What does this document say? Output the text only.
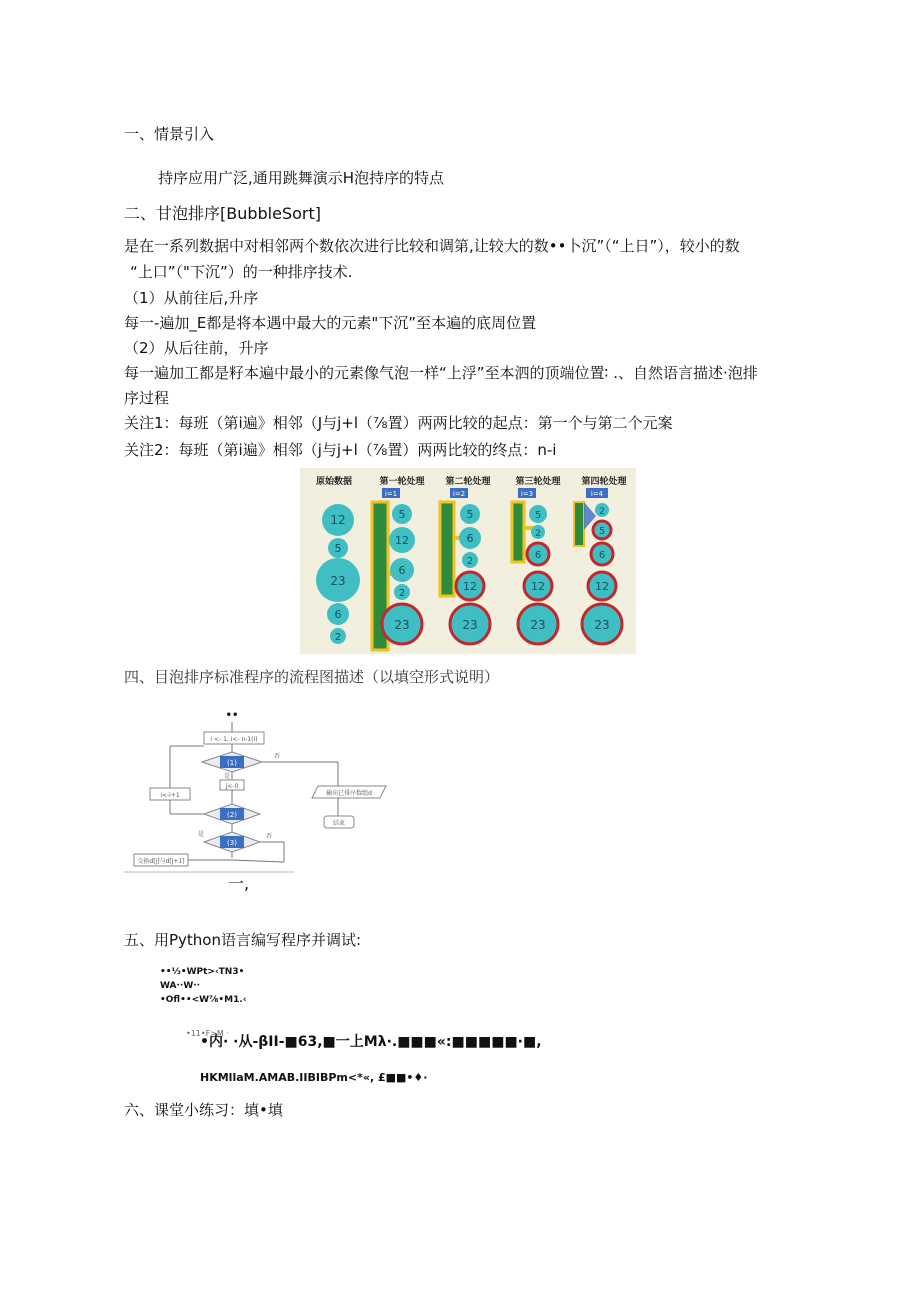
一、情景引入
持序应用广泛,通用跳舞演示H泡持序的特点
二、甘泡排序[BubbleSort]
是在一系列数据中对相邻两个数依次进行比较和调第,让较大的数••卜沉”（“上日”），较小的数
“上口”（"下沉”）的一种排序技术.
（1）从前往后,升序
每一-遍加_E都是将本遇中最大的元素"下沉”至本遍的底周位置
（2）从后往前，升序
每一遍加工都是籽本遍中最小的元素像气泡一样“上浮”至本泗的顶端位置∶ .、自然语言描述·泡排
序过程
关注1：每班（第i遍》相邻（J与j+l（⅞置）两两比较的起点：第一个与第二个元案
关注2：每班（第i遍》相邻（j与j+l（⅞置）两两比较的终点：n-i
原始数据	第一轮处理 第二轮处理	第三轮处理 第四轮处理
i=1	i=2	i=3	i=4
12
5
23
6
2
5
12
6
2
23
5
6
2
12
23
5
2
6
12
23
2
5
6
12
23
四、目泡排序标准程序的流程图描述（以填空形式说明）
••
i <- 1, i<- n-1(i)
(1)
否
输出已排序数组d
结束
是
j<-0
(2)
是
(3)
否
交换d[j]与d[j+1]
i<-i+1
一,
五、用Python语言编写程序并调试:
••⅓•WPt>‹TN3•
WA··W··
•Ofl••<W⅞•M1.‹
•11•F>M ·
•内· ·从-βII-■63,■一上Mλ·.■■■«:■■■■■·■,
HKMllaM.AMAB.IIBIBPm<*«, £■■•♦·
六、课堂小练习：填•填
